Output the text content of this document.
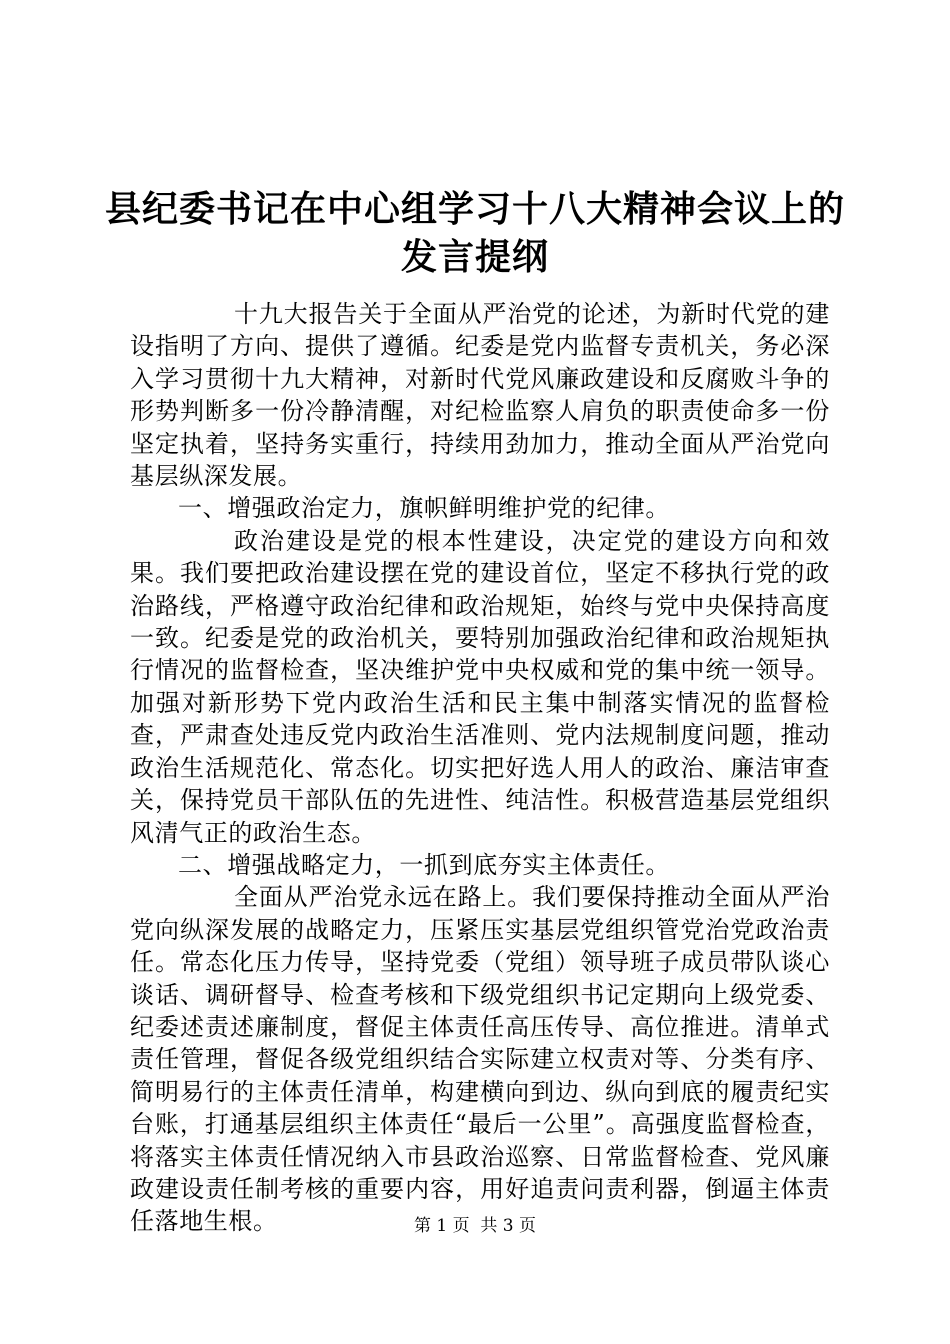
县纪委书记在中心组学习十八大精神会议上的
发言提纲

十九大报告关于全面从严治党的论述，为新时代党的建设指明了方向、提供了遵循。纪委是党内监督专责机关，务必深入学习贯彻十九大精神，对新时代党风廉政建设和反腐败斗争的形势判断多一份冷静清醒，对纪检监察人肩负的职责使命多一份坚定执着，坚持务实重行，持续用劲加力，推动全面从严治党向基层纵深发展。

一、增强政治定力，旗帜鲜明维护党的纪律。

政治建设是党的根本性建设，决定党的建设方向和效果。我们要把政治建设摆在党的建设首位，坚定不移执行党的政治路线，严格遵守政治纪律和政治规矩，始终与党中央保持高度一致。纪委是党的政治机关，要特别加强政治纪律和政治规矩执行情况的监督检查，坚决维护党中央权威和党的集中统一领导。加强对新形势下党内政治生活和民主集中制落实情况的监督检查，严肃查处违反党内政治生活准则、党内法规制度问题，推动政治生活规范化、常态化。切实把好选人用人的政治、廉洁审查关，保持党员干部队伍的先进性、纯洁性。积极营造基层党组织风清气正的政治生态。

二、增强战略定力，一抓到底夯实主体责任。

全面从严治党永远在路上。我们要保持推动全面从严治党向纵深发展的战略定力，压紧压实基层党组织管党治党政治责任。常态化压力传导，坚持党委（党组）领导班子成员带队谈心谈话、调研督导、检查考核和下级党组织书记定期向上级党委、纪委述责述廉制度，督促主体责任高压传导、高位推进。清单式责任管理，督促各级党组织结合实际建立权责对等、分类有序、简明易行的主体责任清单，构建横向到边、纵向到底的履责纪实台账，打通基层组织主体责任“最后一公里”。高强度监督检查，将落实主体责任情况纳入市县政治巡察、日常监督检查、党风廉政建设责任制考核的重要内容，用好追责问责利器，倒逼主体责任落地生根。	第 1 页  共 3 页
